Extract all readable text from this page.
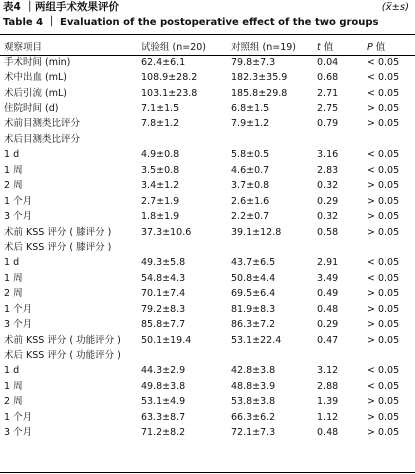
表4 ｜两组手术效果评价
Table 4 ｜ Evaluation of the postoperative effect of the two groups
(x̅±s)
观察项目	试验组 (n=20)	对照组 (n=19)	t 值	P 值
手术时间 (min)	62.4±6.1	79.8±7.3	0.04	< 0.05
术中出血 (mL)	108.9±28.2	182.3±35.9	0.68	< 0.05
术后引流 (mL)	103.1±23.8	185.8±29.8	2.71	< 0.05
住院时间 (d)	7.1±1.5	6.8±1.5	2.75	> 0.05
术前目测类比评分	7.8±1.2	7.9±1.2	0.79	> 0.05
术后目测类比评分				
1 d	4.9±0.8	5.8±0.5	3.16	< 0.05
1 周	3.5±0.8	4.6±0.7	2.83	< 0.05
2 周	3.4±1.2	3.7±0.8	0.32	> 0.05
1 个月	2.7±1.9	2.6±1.6	0.29	> 0.05
3 个月	1.8±1.9	2.2±0.7	0.32	> 0.05
术前 KSS 评分 ( 膝评分 )	37.3±10.6	39.1±12.8	0.58	> 0.05
术后 KSS 评分 ( 膝评分 )				
1 d	49.3±5.8	43.7±6.5	2.91	< 0.05
1 周	54.8±4.3	50.8±4.4	3.49	< 0.05
2 周	70.1±7.4	69.5±6.4	0.49	> 0.05
1 个月	79.2±8.3	81.9±8.3	0.48	> 0.05
3 个月	85.8±7.7	86.3±7.2	0.29	> 0.05
术前 KSS 评分 ( 功能评分 )	50.1±19.4	53.1±22.4	0.47	> 0.05
术后 KSS 评分 ( 功能评分 )				
1 d	44.3±2.9	42.8±3.8	3.12	< 0.05
1 周	49.8±3.8	48.8±3.9	2.88	< 0.05
2 周	53.1±4.9	53.8±3.8	1.39	> 0.05
1 个月	63.3±8.7	66.3±6.2	1.12	> 0.05
3 个月	71.2±8.2	72.1±7.3	0.48	> 0.05
